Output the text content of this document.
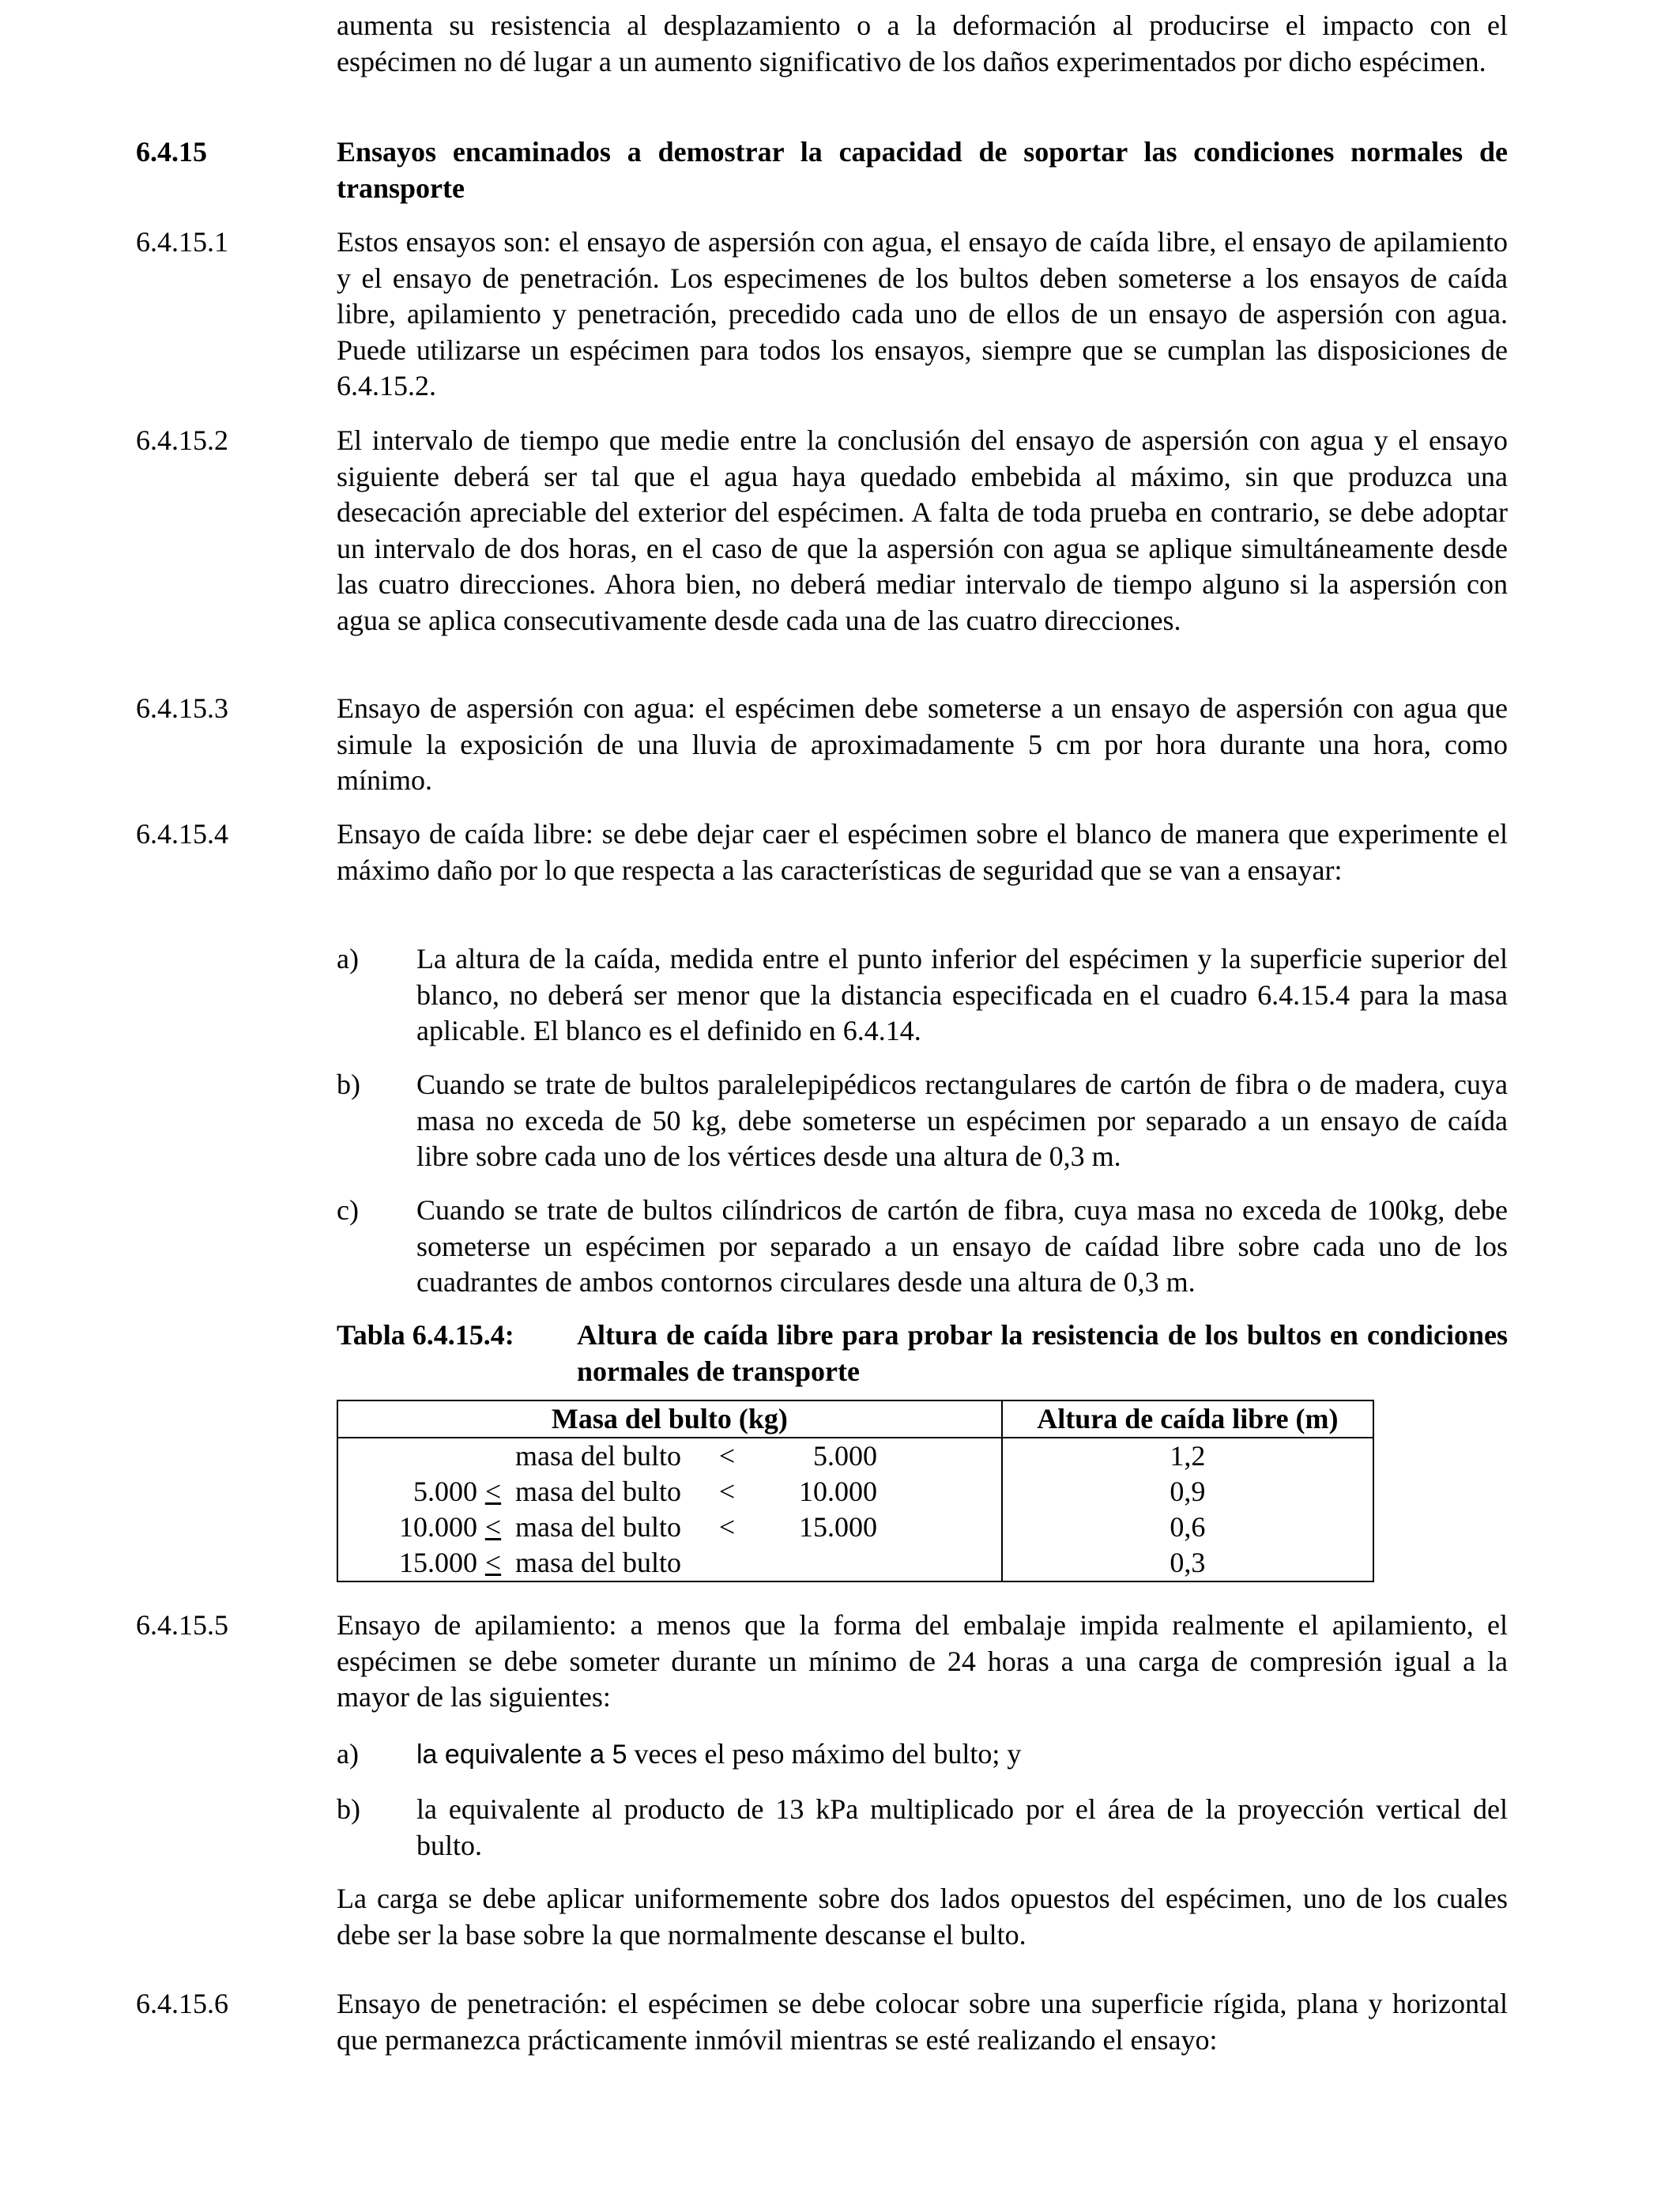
aumenta su resistencia al desplazamiento o a la deformación al producirse el impacto con el espécimen no dé lugar a un aumento significativo de los daños experimentados por dicho espécimen.
6.4.15	Ensayos encaminados a demostrar la capacidad de soportar las condiciones normales de transporte
6.4.15.1	Estos ensayos son: el ensayo de aspersión con agua, el ensayo de caída libre, el ensayo de apilamiento y el ensayo de penetración. Los especimenes de los bultos deben someterse a los ensayos de caída libre, apilamiento y penetración, precedido cada uno de ellos de un ensayo de aspersión con agua. Puede utilizarse un espécimen para todos los ensayos, siempre que se cumplan las disposiciones de 6.4.15.2.
6.4.15.2	El intervalo de tiempo que medie entre la conclusión del ensayo de aspersión con agua y el ensayo siguiente deberá ser tal que el agua haya quedado embebida al máximo, sin que produzca una desecación apreciable del exterior del espécimen. A falta de toda prueba en contrario, se debe adoptar un intervalo de dos horas, en el caso de que la aspersión con agua se aplique simultáneamente desde las cuatro direcciones. Ahora bien, no deberá mediar intervalo de tiempo alguno si la aspersión con agua se aplica consecutivamente desde cada una de las cuatro direcciones.
6.4.15.3	Ensayo de aspersión con agua: el espécimen debe someterse a un ensayo de aspersión con agua que simule la exposición de una lluvia de aproximadamente 5 cm por hora durante una hora, como mínimo.
6.4.15.4	Ensayo de caída libre: se debe dejar caer el espécimen sobre el blanco de manera que experimente el máximo daño por lo que respecta a las características de seguridad que se van a ensayar:
a) La altura de la caída, medida entre el punto inferior del espécimen y la superficie superior del blanco, no deberá ser menor que la distancia especificada en el cuadro 6.4.15.4 para la masa aplicable. El blanco es el definido en 6.4.14.
b) Cuando se trate de bultos paralelepipédicos rectangulares de cartón de fibra o de madera, cuya masa no exceda de 50 kg, debe someterse un espécimen por separado a un ensayo de caída libre sobre cada uno de los vértices desde una altura de 0,3 m.
c) Cuando se trate de bultos cilíndricos de cartón de fibra, cuya masa no exceda de 100kg, debe someterse un espécimen por separado a un ensayo de caídad libre sobre cada uno de los cuadrantes de ambos contornos circulares desde una altura de 0,3 m.
Tabla 6.4.15.4: Altura de caída libre para probar la resistencia de los bultos en condiciones normales de transporte
Masa del bulto (kg)	Altura de caída libre (m)
masa del bulto < 5.000	1,2
5.000 < masa del bulto < 10.000	0,9
10.000 < masa del bulto < 15.000	0,6
15.000 < masa del bulto	0,3
6.4.15.5	Ensayo de apilamiento: a menos que la forma del embalaje impida realmente el apilamiento, el espécimen se debe someter durante un mínimo de 24 horas a una carga de compresión igual a la mayor de las siguientes:
a) la equivalente a 5 veces el peso máximo del bulto; y
b) la equivalente al producto de 13 kPa multiplicado por el área de la proyección vertical del bulto.
La carga se debe aplicar uniformemente sobre dos lados opuestos del espécimen, uno de los cuales debe ser la base sobre la que normalmente descanse el bulto.
6.4.15.6	Ensayo de penetración: el espécimen se debe colocar sobre una superficie rígida, plana y horizontal que permanezca prácticamente inmóvil mientras se esté realizando el ensayo:
